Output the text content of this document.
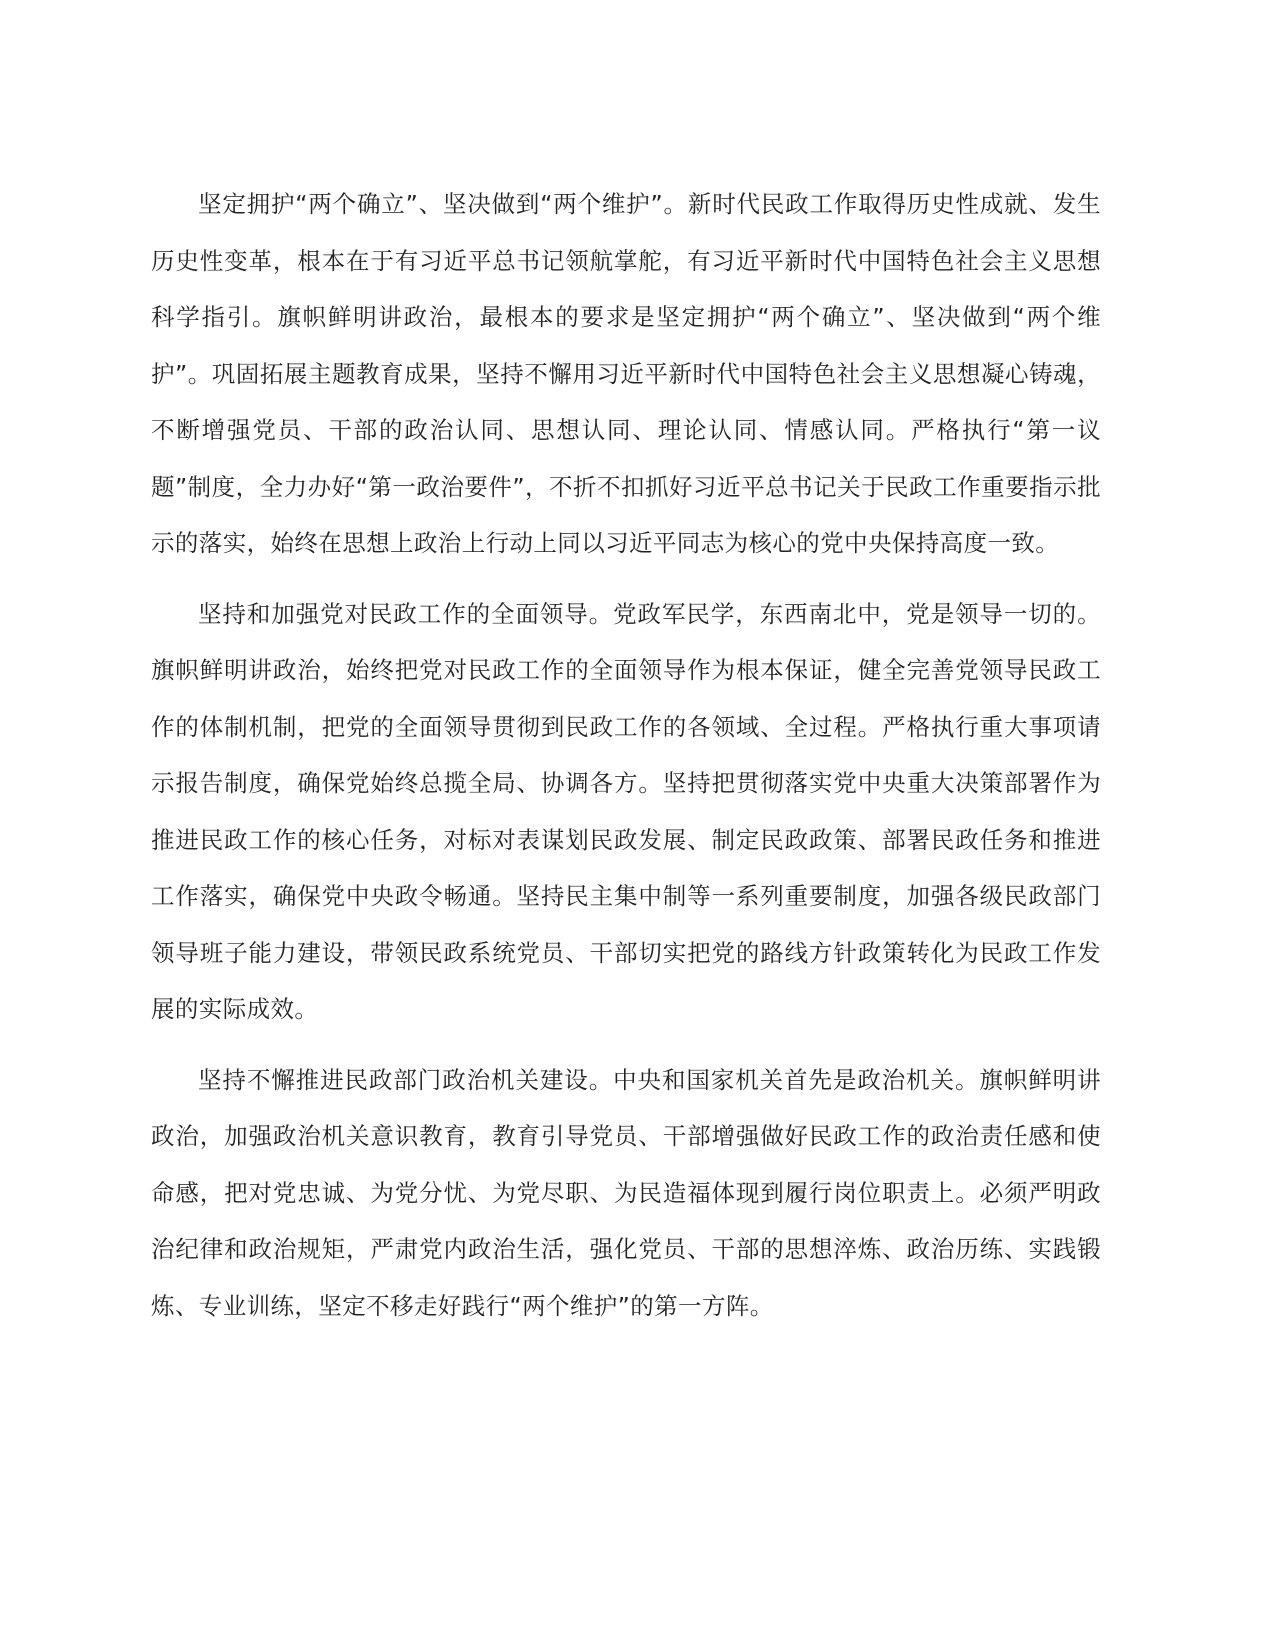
坚定拥护“两个确立”、坚决做到“两个维护”。新时代民政工作取得历史性成就、发生历史性变革，根本在于有习近平总书记领航掌舵，有习近平新时代中国特色社会主义思想科学指引。旗帜鲜明讲政治，最根本的要求是坚定拥护“两个确立”、坚决做到“两个维护”。巩固拓展主题教育成果，坚持不懈用习近平新时代中国特色社会主义思想凝心铸魂，不断增强党员、干部的政治认同、思想认同、理论认同、情感认同。严格执行“第一议题”制度，全力办好“第一政治要件”，不折不扣抓好习近平总书记关于民政工作重要指示批示的落实，始终在思想上政治上行动上同以习近平同志为核心的党中央保持高度一致。

坚持和加强党对民政工作的全面领导。党政军民学，东西南北中，党是领导一切的。旗帜鲜明讲政治，始终把党对民政工作的全面领导作为根本保证，健全完善党领导民政工作的体制机制，把党的全面领导贯彻到民政工作的各领域、全过程。严格执行重大事项请示报告制度，确保党始终总揽全局、协调各方。坚持把贯彻落实党中央重大决策部署作为推进民政工作的核心任务，对标对表谋划民政发展、制定民政政策、部署民政任务和推进工作落实，确保党中央政令畅通。坚持民主集中制等一系列重要制度，加强各级民政部门领导班子能力建设，带领民政系统党员、干部切实把党的路线方针政策转化为民政工作发展的实际成效。

坚持不懈推进民政部门政治机关建设。中央和国家机关首先是政治机关。旗帜鲜明讲政治，加强政治机关意识教育，教育引导党员、干部增强做好民政工作的政治责任感和使命感，把对党忠诚、为党分忧、为党尽职、为民造福体现到履行岗位职责上。必须严明政治纪律和政治规矩，严肃党内政治生活，强化党员、干部的思想淬炼、政治历练、实践锻炼、专业训练，坚定不移走好践行“两个维护”的第一方阵。
